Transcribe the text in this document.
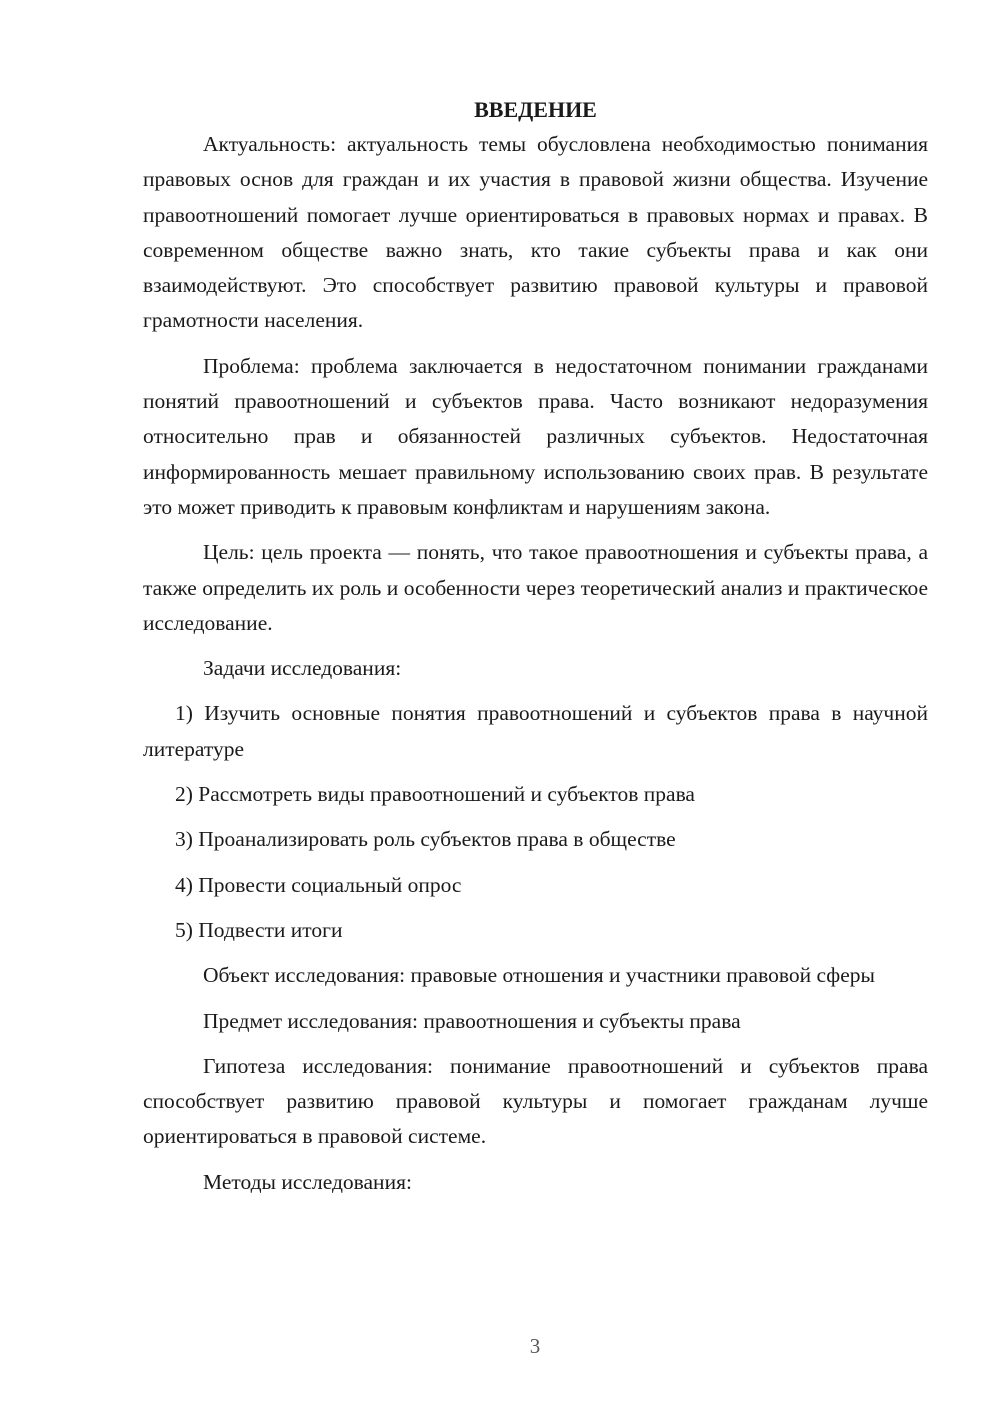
ВВЕДЕНИЕ

Актуальность: актуальность темы обусловлена необходимостью понимания правовых основ для граждан и их участия в правовой жизни общества. Изучение правоотношений помогает лучше ориентироваться в правовых нормах и правах. В современном обществе важно знать, кто такие субъекты права и как они взаимодействуют. Это способствует развитию правовой культуры и правовой грамотности населения.

Проблема: проблема заключается в недостаточном понимании гражданами понятий правоотношений и субъектов права. Часто возникают недоразумения относительно прав и обязанностей различных субъектов. Недостаточная информированность мешает правильному использованию своих прав. В результате это может приводить к правовым конфликтам и нарушениям закона.

Цель: цель проекта — понять, что такое правоотношения и субъекты права, а также определить их роль и особенности через теоретический анализ и практическое исследование.

Задачи исследования:

1) Изучить основные понятия правоотношений и субъектов права в научной литературе

2) Рассмотреть виды правоотношений и субъектов права

3) Проанализировать роль субъектов права в обществе

4) Провести социальный опрос

5) Подвести итоги

Объект исследования: правовые отношения и участники правовой сферы

Предмет исследования: правоотношения и субъекты права

Гипотеза исследования: понимание правоотношений и субъектов права способствует развитию правовой культуры и помогает гражданам лучше ориентироваться в правовой системе.

Методы исследования:

3
